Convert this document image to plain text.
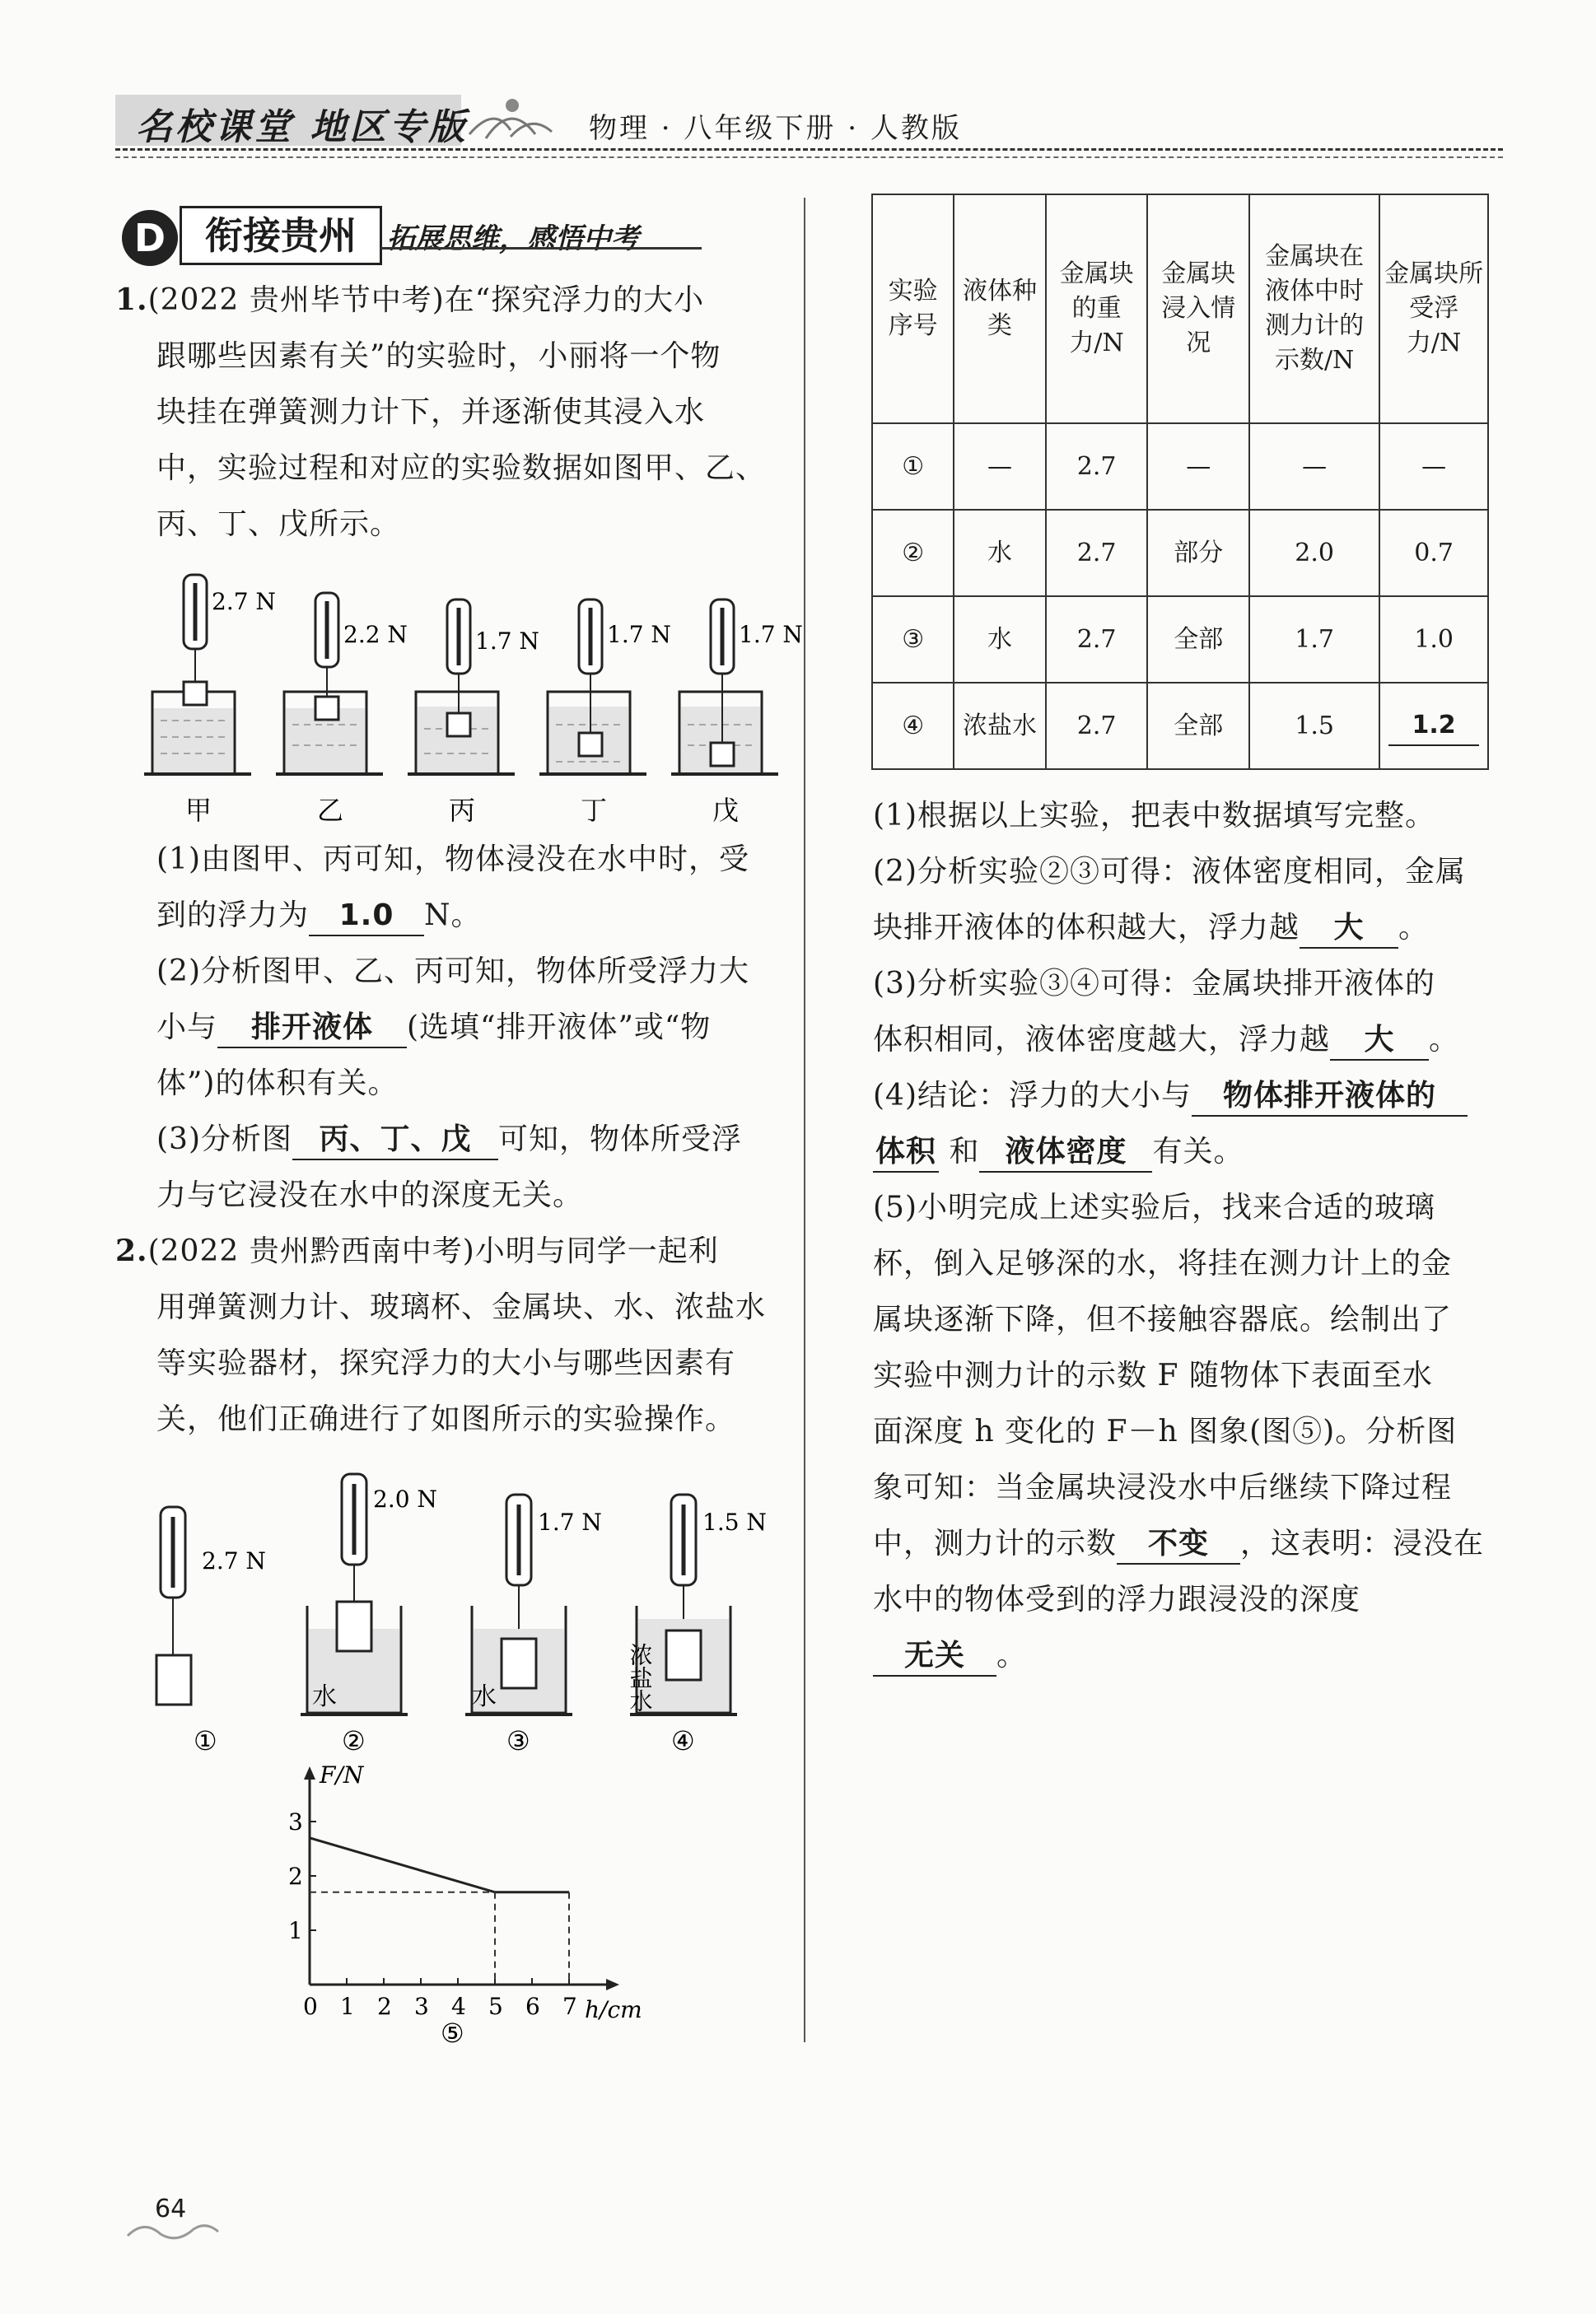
名校课堂 地区专版	物理 · 八年级下册 · 人教版
D	衔接贵州	拓展思维，感悟中考
1.(2022 贵州毕节中考)在“探究浮力的大小
跟哪些因素有关”的实验时，小丽将一个物
块挂在弹簧测力计下，并逐渐使其浸入水
中，实验过程和对应的实验数据如图甲、乙、
丙、丁、戊所示。
2.7 N
甲
2.2 N
乙
1.7 N
丙
1.7 N
丁
1.7 N
戊
(1)由图甲、丙可知，物体浸没在水中时，受
到的浮力为 1.0 N。
(2)分析图甲、乙、丙可知，物体所受浮力大
小与 排开液体 (选填“排开液体”或“物
体”)的体积有关。
(3)分析图 丙、丁、戊 可知，物体所受浮
力与它浸没在水中的深度无关。
2.(2022 贵州黔西南中考)小明与同学一起利
用弹簧测力计、玻璃杯、金属块、水、浓盐水
等实验器材，探究浮力的大小与哪些因素有
关，他们正确进行了如图所示的实验操作。
2.7 N
①
水
2.0 N
②
水
1.7 N
③
浓盐水
1.5 N
④
F/N
h/cm
0 1 2 3 4 5 6 7
1
2
3
⑤
实验序号	液体种类	金属块的重力/N	金属块浸入情况	金属块在液体中时测力计的示数/N	金属块所受浮力/N
①	—	2.7	—	—	—
②	水	2.7	部分	2.0	0.7
③	水	2.7	全部	1.7	1.0
④	浓盐水	2.7	全部	1.5	1.2
(1)根据以上实验，把表中数据填写完整。
(2)分析实验②③可得：液体密度相同，金属
块排开液体的体积越大，浮力越 大 。
(3)分析实验③④可得：金属块排开液体的
体积相同，液体密度越大，浮力越 大 。
(4)结论：浮力的大小与 物体排开液体的
体积 和 液体密度 有关。
(5)小明完成上述实验后，找来合适的玻璃
杯，倒入足够深的水，将挂在测力计上的金
属块逐渐下降，但不接触容器底。绘制出了
实验中测力计的示数 F 随物体下表面至水
面深度 h 变化的 F－h 图象(图⑤)。分析图
象可知：当金属块浸没水中后继续下降过程
中，测力计的示数 不变 ，这表明：浸没在
水中的物体受到的浮力跟浸没的深度
无关 。
64
